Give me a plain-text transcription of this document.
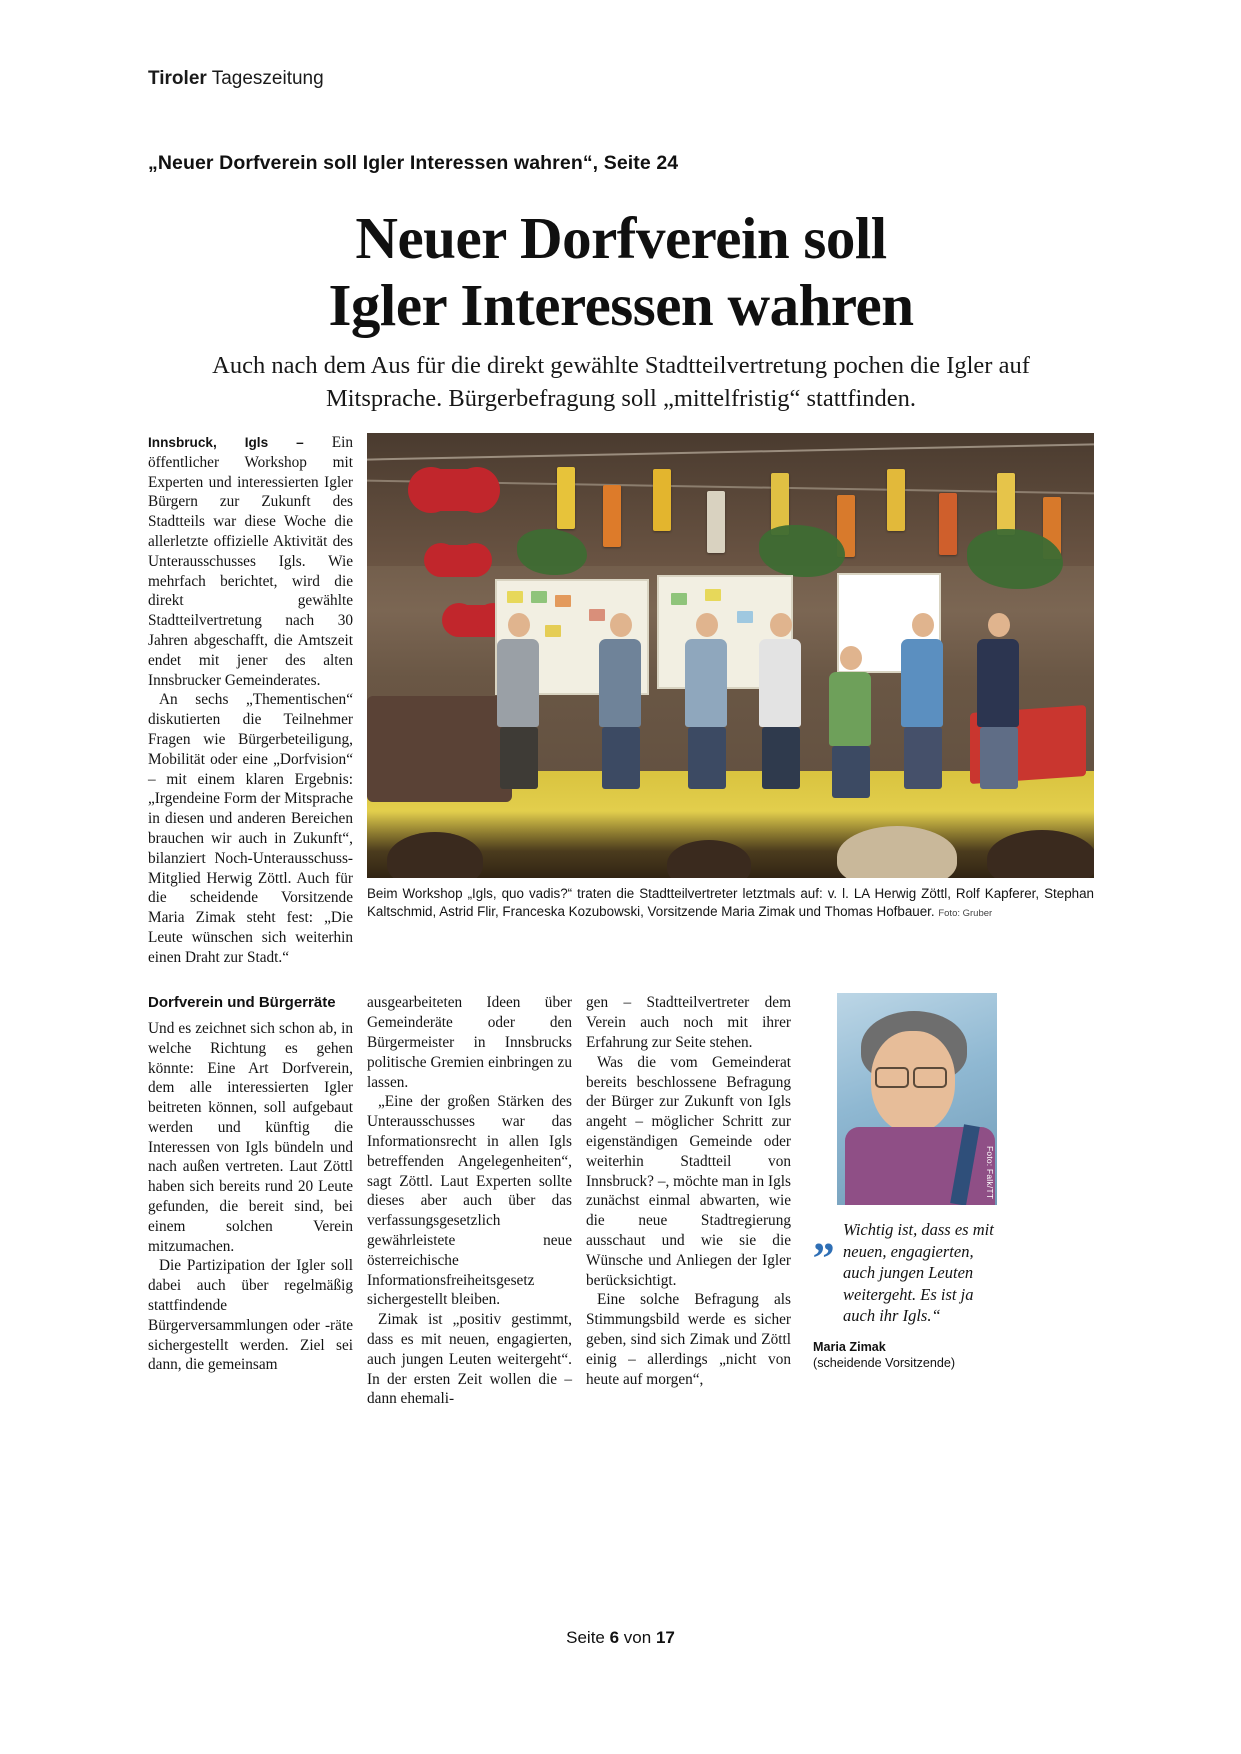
Tiroler Tageszeitung
„Neuer Dorfverein soll Igler Interessen wahren“, Seite 24
Neuer Dorfverein soll
Igler Interessen wahren
Auch nach dem Aus für die direkt gewählte Stadtteilvertretung pochen die Igler auf Mitsprache. Bürgerbefragung soll „mittelfristig“ stattfinden.

Innsbruck, Igls – Ein öffentlicher Workshop mit Experten und interessierten Igler Bürgern zur Zukunft des Stadtteils war diese Woche die allerletzte offizielle Aktivität des Unterausschusses Igls. Wie mehrfach berichtet, wird die direkt gewählte Stadtteilvertretung nach 30 Jahren abgeschafft, die Amtszeit endet mit jener des alten Innsbrucker Gemeinderates.

An sechs „Thementischen“ diskutierten die Teilnehmer Fragen wie Bürgerbeteiligung, Mobilität oder eine „Dorfvision“ – mit einem klaren Ergebnis: „Irgendeine Form der Mitsprache in diesen und anderen Bereichen brauchen wir auch in Zukunft“, bilanziert Noch-Unterausschuss-Mitglied Herwig Zöttl. Auch für die scheidende Vorsitzende Maria Zimak steht fest: „Die Leute wünschen sich weiterhin einen Draht zur Stadt.“

Beim Workshop „Igls, quo vadis?“ traten die Stadtteilvertreter letztmals auf: v. l. LA Herwig Zöttl, Rolf Kapferer, Stephan Kaltschmid, Astrid Flir, Franceska Kozubowski, Vorsitzende Maria Zimak und Thomas Hofbauer. Foto: Gruber
Dorfverein und Bürgerräte

Und es zeichnet sich schon ab, in welche Richtung es gehen könnte: Eine Art Dorfverein, dem alle interessierten Igler beitreten können, soll aufgebaut werden und künftig die Interessen von Igls bündeln und nach außen vertreten. Laut Zöttl haben sich bereits rund 20 Leute gefunden, die bereit sind, bei einem solchen Verein mitzumachen.

Die Partizipation der Igler soll dabei auch über regelmäßig stattfindende Bürgerversammlungen oder -räte sichergestellt werden. Ziel sei dann, die gemeinsam

ausgearbeiteten Ideen über Gemeinderäte oder den Bürgermeister in Innsbrucks politische Gremien einbringen zu lassen.

„Eine der großen Stärken des Unterausschusses war das Informationsrecht in allen Igls betreffenden Angelegenheiten“, sagt Zöttl. Laut Experten sollte dieses aber auch über das verfassungsgesetzlich gewährleistete neue österreichische Informationsfreiheitsgesetz sichergestellt bleiben.

Zimak ist „positiv gestimmt, dass es mit neuen, engagierten, auch jungen Leuten weitergeht“. In der ersten Zeit wollen die – dann ehemali-

gen – Stadtteilvertreter dem Verein auch noch mit ihrer Erfahrung zur Seite stehen.

Was die vom Gemeinderat bereits beschlossene Befragung der Bürger zur Zukunft von Igls angeht – möglicher Schritt zur eigenständigen Gemeinde oder weiterhin Stadtteil von Innsbruck? –, möchte man in Igls zunächst einmal abwarten, wie die neue Stadtregierung ausschaut und wie sie die Wünsche und Anliegen der Igler berücksichtigt.

Eine solche Befragung als Stimmungsbild werde es sicher geben, sind sich Zimak und Zöttl einig – allerdings „nicht von heute auf morgen“,

Foto: Falk/TT
„ Wichtig ist, dass es mit neuen, engagierten, auch jungen Leuten weitergeht. Es ist ja auch ihr Igls.“
Maria Zimak
(scheidende Vorsitzende)
Seite 6 von 17
